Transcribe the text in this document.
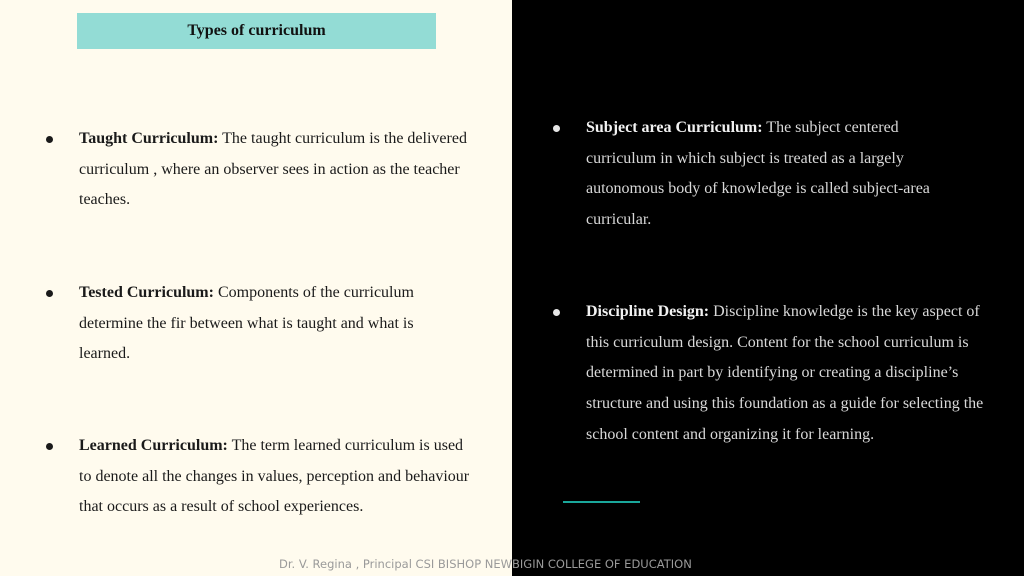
Types of curriculum
Taught Curriculum: The taught curriculum is the delivered curriculum , where an observer sees in action as the teacher teaches.
Tested Curriculum: Components of the curriculum determine the fir between what is taught and what is learned.
Learned Curriculum: The term learned curriculum is used to denote all the changes in values, perception and behaviour that occurs as a result of school experiences.
Subject area Curriculum: The subject centered curriculum in which subject is treated as a largely autonomous body of knowledge is called subject-area curricular.
Discipline Design: Discipline knowledge is the key aspect of this curriculum design. Content for the school curriculum is determined in part by identifying or creating a discipline’s structure and using this foundation as a guide for selecting the school content and organizing it for learning.
Dr. V. Regina , Principal CSI BISHOP NEWBIGIN COLLEGE OF EDUCATION
